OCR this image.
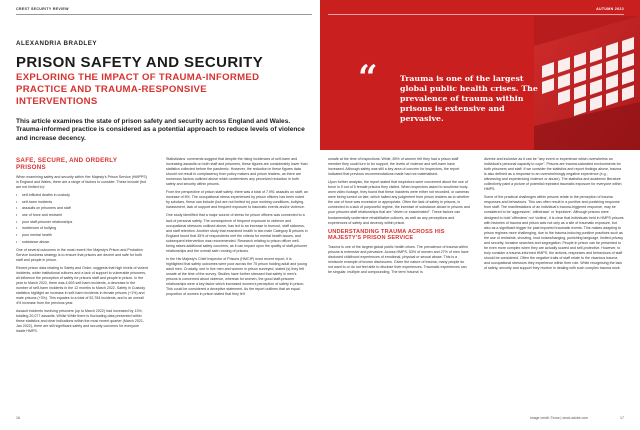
CREST SECURITY REVIEW
ALEXANDRIA BRADLEY
PRISON SAFETY AND SECURITY
EXPLORING THE IMPACT OF TRAUMA-INFORMED PRACTICE AND TRAUMA-RESPONSIVE INTERVENTIONS
This article examines the state of prison safety and security across England and Wales. Trauma-informed practice is considered as a potential approach to reduce levels of violence and increase decency.
SAFE, SECURE, AND ORDERLY PRISONS

When examining safety and security within Her Majesty's Prison Service (HMPPS) in England and Wales, there are a range of factors to consider. These include (but are not limited to):

• self-inflicted deaths in custody
• self-harm incidents
• assaults on prisoners and staff
• use of force and restraint
• poor staff-prisoner relationships
• incidences of bullying
• poor mental health
• substance abuse.

One of several outcomes in the most recent Her Majesty's Prison and Probation Service business strategy is to ensure that prisons are decent and safe for both staff and people in prison.

Recent prison data relating to Safety and Order, suggests that high levels of violent incidents, wider institutional cultures and a lack of support to vulnerable prisoners, all influence the perception of safety for prisons staff and people in prison. In the year to March 2022, there was 4,693 self-harm incidents, a decrease in the number of self-harm incidents in the 12 months to March 2022. Safety in Custody statistics highlight an increase in self-harm incidents in female prisons (+1%) and male prisons (+3%). This equates to a total of 52,784 incidents, and is an overall 4% increase from the previous year.

Assault incidents involving prisoners (up to March 2022) had increased by 13%, totalling 20,077 assaults. Whilst While there is fluctuating data presented within these statistics and clear indications within the most recent quarter (March 2021-Jan 2022), there are still significant safety and security concerns for everyone inside HMPS.

Statisticians' comments suggest that despite the rising incidences of self-harm and increasing assaults on both staff and prisoners, these figures are considerably lower than statistics collected before the pandemic. However, the reduction in these figures data should not result in complacency from policy makers and prison leaders, as there are numerous factors outlined above which undermines any perceived reduction in both safety and security within prisons.

From the perspective of prison staff safety, there was a total of 7,991 assaults on staff, an increase of 8%. The occupational stress experienced by prison officers has been noted by scholars, these can include (but are not limited to) poor working conditions, bullying, harassment, lack of support and frequent exposure to traumatic events and/or violence.

One study identified that a major source of stress for prison officers was connected to a lack of personal safety. The consequence of frequent exposure to violence and occupational stressors outlined above, has led to an increase in burnout, staff sickness, and staff retention. Another study that examined health in two male Category B prisons in England found that 35% of respondents met the criteria for mental health issues, and subsequent intervention was recommended. Research relating to prison officer well-being raises additional safety concerns, as it can impact upon the quality of staff-prisoner relationships and the overall safe running of prisons.

In the His Majesty's Chief Inspector of Prisons (HMCIP) most recent report, it is highlighted that safety outcomes were poor across the 75 prison holding adult and young adult men. Crucially, one in five men and women in prison surveyed, stated (s) they felt unsafe at the time of the survey. Studies have further stressed that safety in men's prisons is concerned about violence, whereas for women, the good staff-prisoner relationships were a key factor which increased women's perception of safety in prison. This could be considered a deceptive statement. As the report outlines that an equal proportion of women in prison stated that they felt

16
AUTUMN 2022
“	Trauma is one of the largest global public health crises. The prevalence of trauma within prisons is extensive and pervasive.

unsafe at the time of inspections. While, 85% of women felt they had a prison staff member they could turn to for support, the levels of violence and self-harm have increased. Although safety was still a key area of concern for inspectors, the report indicated that previous recommendations made had not materialised.

Upon further analysis, the report stated that inspectors were concerned about the use of force in 5 out of 5 female prisons they visited. When inspectors asked to scrutinise body-worn video footage, they found that these incidents were either not recorded, or cameras were being turned on late, which halted any judgement from prison leaders as to whether the use of force was excessive or appropriate. Often the lack of safety in prisons, is connected to a lack of purposeful regime, the increase of substance abuse in prisons and poor prisoner-staff relationships that are "driven or exacerbated". These factors can fundamentally undermine rehabilitative cultures, as well as any perceptions and experiences of safety and decency within prison.

UNDERSTANDING TRAUMA ACROSS HIS MAJESTY'S PRISON SERVICE

Trauma is one of the largest global public health crises. The prevalence of trauma within prisons is extensive and pervasive. Across HMPS, 53% of women and 27% of men have disclosed childhood experiences of emotional, physical or sexual abuse. This is a miniscule example of known disclosures. Given the nature of trauma, many people do not want to or do not feel able to disclose their experiences. Traumatic experiences can be singular, multiple and compounding. The term 'trauma' is

diverse and inclusive as it can be "any event or experience which overwhelms an individual's personal capacity to cope". Prisons are trauma-saturated environments for both prisoners and staff. If we consider the statistics and report findings above, trauma is also defined as a response to an overwhelmingly negative experience (e.g., witnessing and experiencing violence or abuse). The statistics and academic literature collectively paint a picture of potential repeated traumatic exposure for everyone within HMPS.

Some of the practical challenges within prisons relate to the perception of trauma responses and behaviours. This can often result in a punitive and punishing response from staff. The manifestations of an individual's trauma-triggered response, may be considered to be 'aggressive', 'withdrawn' or 'impulsive'. Although prisons were designed to hold 'offenders' not 'victims', it is clear that individuals held in HMPS prisons with histories of trauma and prison acts not only as a site of traumatic exposure, but also as a significant trigger for past imported traumatic events. This makes adapting to prison regimes more challenging, due to the trauma-inducing punitive practices such as the use of restraints, shouting, loud noises/banging, punishing language, limited privacy and security, invasive searches and segregation. People in prison can be presented to be even more complex when they are actually scared and self-protective. However, to truly consider a trauma-informed HMPS, the actions, responses and behaviours of staff should be considered. Often the negative traits of staff relate to the vicarious trauma and occupational stressors they experience within their role. While recognising the lack of safety, security and support they receive in dealing with such complex trauma work.

Image credit: ©rose | stock.adobe.com	17
